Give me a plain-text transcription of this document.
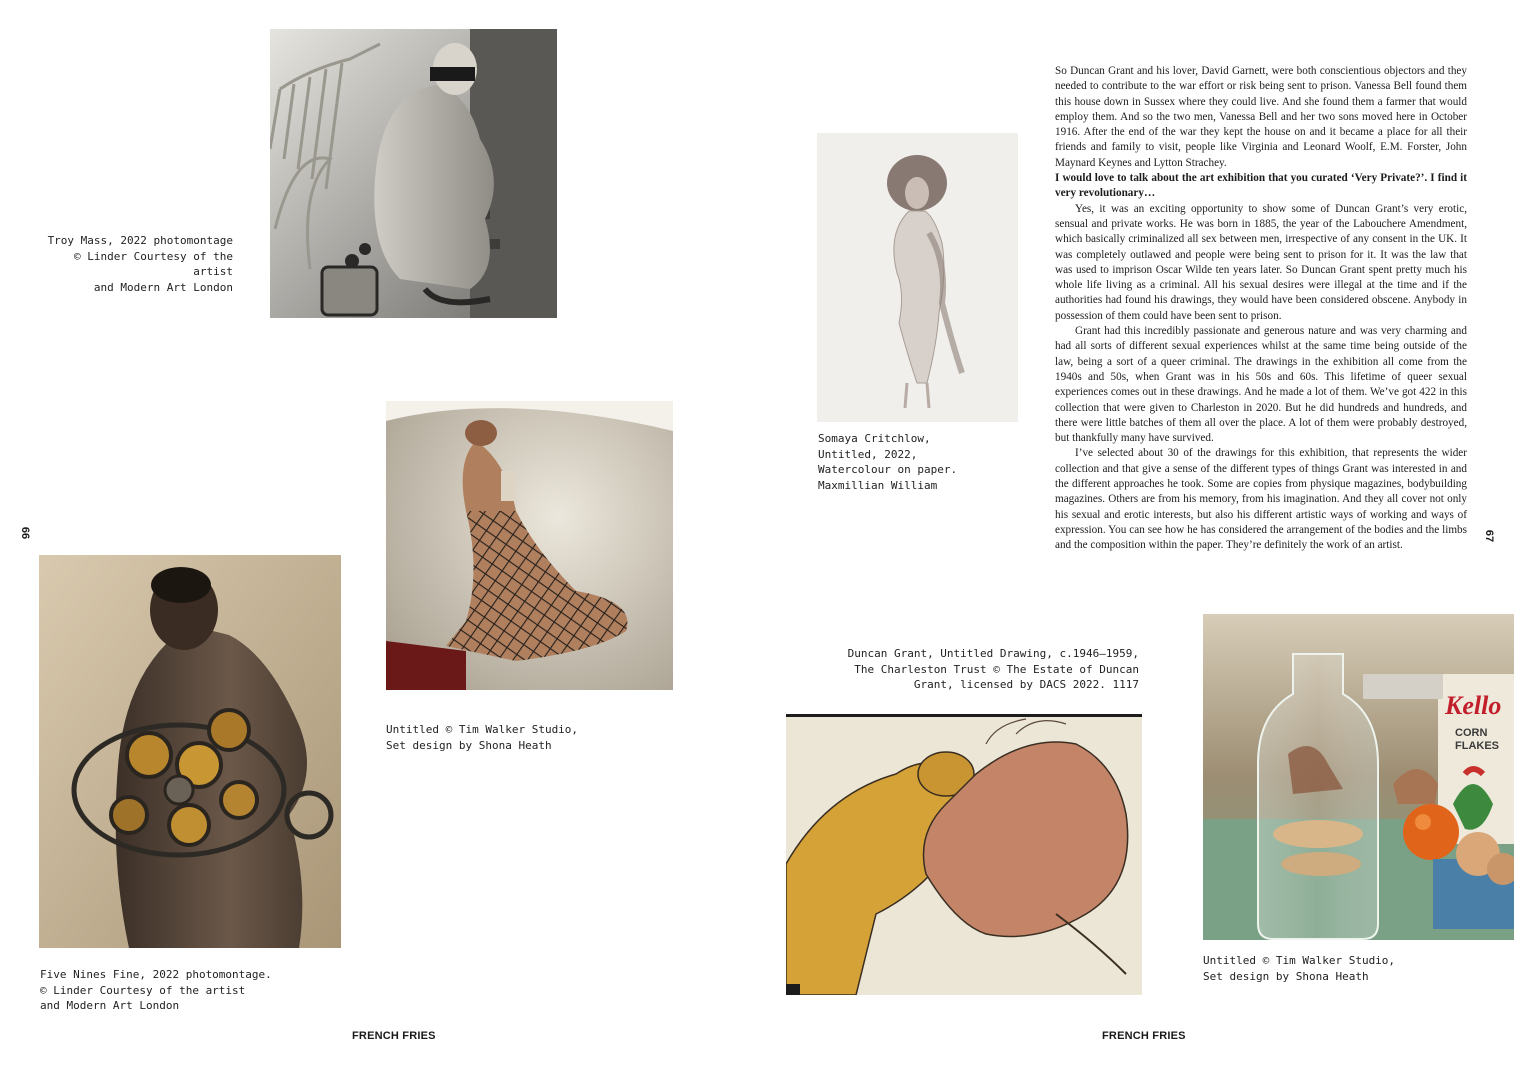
Troy Mass, 2022 photomontage
© Linder Courtesy of the artist
and Modern Art London
Untitled © Tim Walker Studio,
Set design by Shona Heath
Five Nines Fine, 2022 photomontage.
© Linder Courtesy of the artist
and Modern Art London
66
FRENCH FRIES
Somaya Critchlow,
Untitled, 2022,
Watercolour on paper.
Maxmillian William

So Duncan Grant and his lover, David Garnett, were both conscientious objectors and they needed to contribute to the war effort or risk being sent to prison. Vanessa Bell found them this house down in Sussex where they could live. And she found them a farmer that would employ them. And so the two men, Vanessa Bell and her two sons moved here in October 1916. After the end of the war they kept the house on and it became a place for all their friends and family to visit, people like Virginia and Leonard Woolf, E.M. Forster, John Maynard Keynes and Lytton Strachey.

I would love to talk about the art exhibition that you curated ‘Very Private?’. I find it very revolutionary…

Yes, it was an exciting opportunity to show some of Duncan Grant’s very erotic, sensual and private works. He was born in 1885, the year of the Labouchere Amendment, which basically criminalized all sex between men, irrespective of any consent in the UK. It was completely outlawed and people were being sent to prison for it. It was the law that was used to imprison Oscar Wilde ten years later. So Duncan Grant spent pretty much his whole life living as a criminal. All his sexual desires were illegal at the time and if the authorities had found his drawings, they would have been considered obscene. Anybody in possession of them could have been sent to prison.

Grant had this incredibly passionate and generous nature and was very charming and had all sorts of different sexual experiences whilst at the same time being outside of the law, being a sort of a queer criminal. The drawings in the exhibition all come from the 1940s and 50s, when Grant was in his 50s and 60s. This lifetime of queer sexual experiences comes out in these drawings. And he made a lot of them. We’ve got 422 in this collection that were given to Charleston in 2020. But he did hundreds and hundreds, and there were little batches of them all over the place. A lot of them were probably destroyed, but thankfully many have survived.

I’ve selected about 30 of the drawings for this exhibition, that represents the wider collection and that give a sense of the different types of things Grant was interested in and the different approaches he took. Some are copies from physique magazines, bodybuilding magazines. Others are from his memory, from his imagination. And they all cover not only his sexual and erotic interests, but also his different artistic ways of working and ways of expression. You can see how he has considered the arrangement of the bodies and the limbs and the composition within the paper. They’re definitely the work of an artist.

Duncan Grant, Untitled Drawing, c.1946–1959,
The Charleston Trust © The Estate of Duncan
Grant, licensed by DACS 2022. 1117
Kello
CORN
FLAKES
Untitled © Tim Walker Studio,
Set design by Shona Heath
67
FRENCH FRIES
